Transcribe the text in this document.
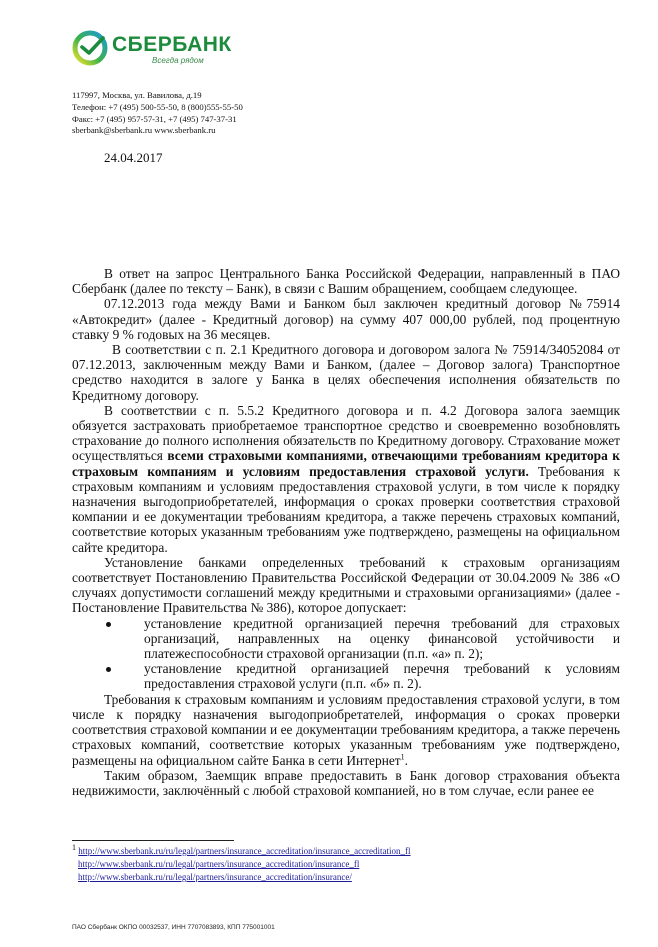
СБЕРБАНК
Всегда рядом
117997, Москва, ул. Вавилова, д.19
Телефон: +7 (495) 500-55-50, 8 (800)555-55-50
Факс: +7 (495) 957-57-31, +7 (495) 747-37-31
sberbank@sberbank.ru www.sberbank.ru
24.04.2017

В ответ на запрос Центрального Банка Российской Федерации, направленный в ПАО Сбербанк (далее по тексту – Банк), в связи с Вашим обращением, сообщаем следующее.

07.12.2013 года между Вами и Банком был заключен кредитный договор №75914 «Автокредит» (далее - Кредитный договор) на сумму 407 000,00 рублей, под процентную ставку 9 % годовых на 36 месяцев.

В соответствии с п. 2.1 Кредитного договора и договором залога № 75914/34052084 от 07.12.2013, заключенным между Вами и Банком, (далее – Договор залога) Транспортное средство находится в залоге у Банка в целях обеспечения исполнения обязательств по Кредитному договору.

В соответствии с п. 5.5.2 Кредитного договора и п. 4.2 Договора залога заемщик обязуется застраховать приобретаемое транспортное средство и своевременно возобновлять страхование до полного исполнения обязательств по Кредитному договору. Страхование может осуществляться всеми страховыми компаниями, отвечающими требованиям кредитора к страховым компаниям и условиям предоставления страховой услуги. Требования к страховым компаниям и условиям предоставления страховой услуги, в том числе к порядку назначения выгодоприобретателей, информация о сроках проверки соответствия страховой компании и ее документации требованиям кредитора, а также перечень страховых компаний, соответствие которых указанным требованиям уже подтверждено, размещены на официальном сайте кредитора.

Установление банками определенных требований к страховым организациям соответствует Постановлению Правительства Российской Федерации от 30.04.2009 № 386 «О случаях допустимости соглашений между кредитными и страховыми организациями» (далее - Постановление Правительства № 386), которое допускает:

установление кредитной организацией перечня требований для страховых организаций, направленных на оценку финансовой устойчивости и платежеспособности страховой организации (п.п. «а» п. 2);
установление кредитной организацией перечня требований к условиям предоставления страховой услуги (п.п. «б» п. 2).

Требования к страховым компаниям и условиям предоставления страховой услуги, в том числе к порядку назначения выгодоприобретателей, информация о сроках проверки соответствия страховой компании и ее документации требованиям кредитора, а также перечень страховых компаний, соответствие которых указанным требованиям уже подтверждено, размещены на официальном сайте Банка в сети Интернет$^1$.

Таким образом, Заемщик вправе предоставить в Банк договор страхования объекта недвижимости, заключённый с любой страховой компанией, но в том случае, если ранее ее

$^1$ http://www.sberbank.ru/ru/legal/partners/insurance_accreditation/insurance_accreditation_fl
http://www.sberbank.ru/ru/legal/partners/insurance_accreditation/insurance_fl
http://www.sberbank.ru/ru/legal/partners/insurance_accreditation/insurance/
ПАО Сбербанк ОКПО 00032537, ИНН 7707083893, КПП 775001001
